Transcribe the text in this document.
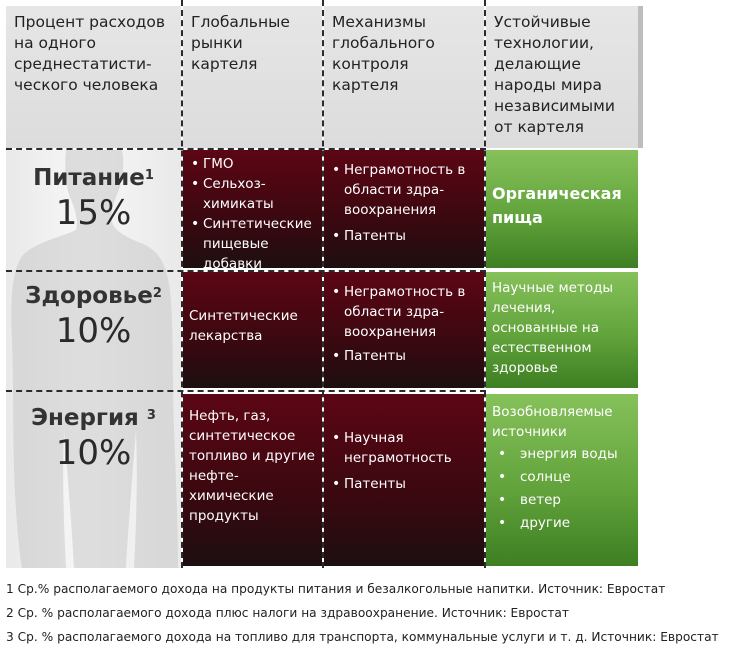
Процент расходов на одного среднестатисти-ческого человека
Глобальные рынки картеля
Механизмы глобального контроля картеля
Устойчивые технологии, делающие народы мира независимыми от картеля
Питание$^1$
15%
• ГМО
• Сельхоз-химикаты
• Синтетические пищевые добавки
• Неграмотность в области здра-воохранения
• Патенты
Органическая пища
Здоровье$^2$
10%	Синтетические лекарства
• Неграмотность в области здра-воохранения
• Патенты
Научные методы лечения, основанные на естественном здоровье
Энергия $^3$
10%
Нефть, газ, синтетическое топливо и другие нефте-химические продукты
• Научная неграмотность
• Патенты
Возобновляемые источники
• энергия воды
• солнце
• ветер
• другие
1 Ср.% располагаемого дохода на продукты питания и безалкогольные напитки. Источник: Евростат
2 Ср. % располагаемого дохода плюс налоги на здравоохранение. Источник: Евростат
3 Ср. % располагаемого дохода на топливо для транспорта, коммунальные услуги и т. д. Источник: Евростат
